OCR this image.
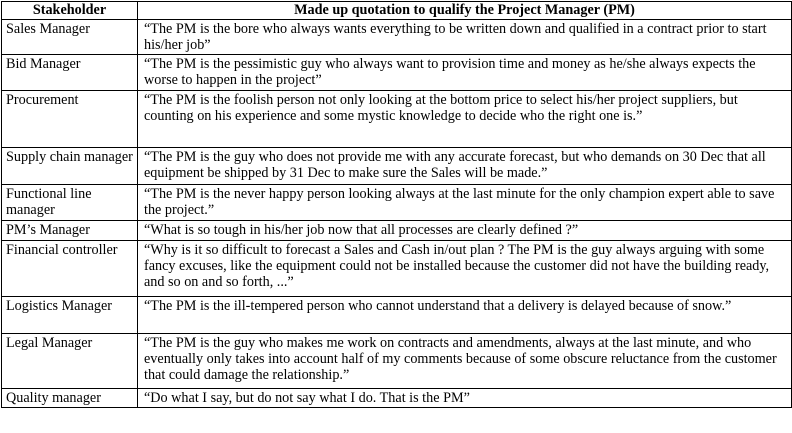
Stakeholder	Made up quotation to qualify the Project Manager (PM)
Sales Manager	“The PM is the bore who always wants everything to be written down and qualified in a contract prior to start his/her job”
Bid Manager	“The PM is the pessimistic guy who always want to provision time and money as he/she always expects the worse to happen in the project”
Procurement	“The PM is the foolish person not only looking at the bottom price to select his/her project suppliers, but counting on his experience and some mystic knowledge to decide who the right one is.”
Supply chain manager	“The PM is the guy who does not provide me with any accurate forecast, but who demands on 30 Dec that all equipment be shipped by 31 Dec to make sure the Sales will be made.”
Functional line manager	“The PM is the never happy person looking always at the last minute for the only champion expert able to save the project.”
PM’s Manager	“What is so tough in his/her job now that all processes are clearly defined ?”
Financial controller	“Why is it so difficult to forecast a Sales and Cash in/out plan ? The PM is the guy always arguing with some fancy excuses, like the equipment could not be installed because the customer did not have the building ready, and so on and so forth, ...”
Logistics Manager	“The PM is the ill-tempered person who cannot understand that a delivery is delayed because of snow.”
Legal Manager	“The PM is the guy who makes me work on contracts and amendments, always at the last minute, and who eventually only takes into account half of my comments because of some obscure reluctance from the customer that could damage the relationship.”
Quality manager	“Do what I say, but do not say what I do. That is the PM”
